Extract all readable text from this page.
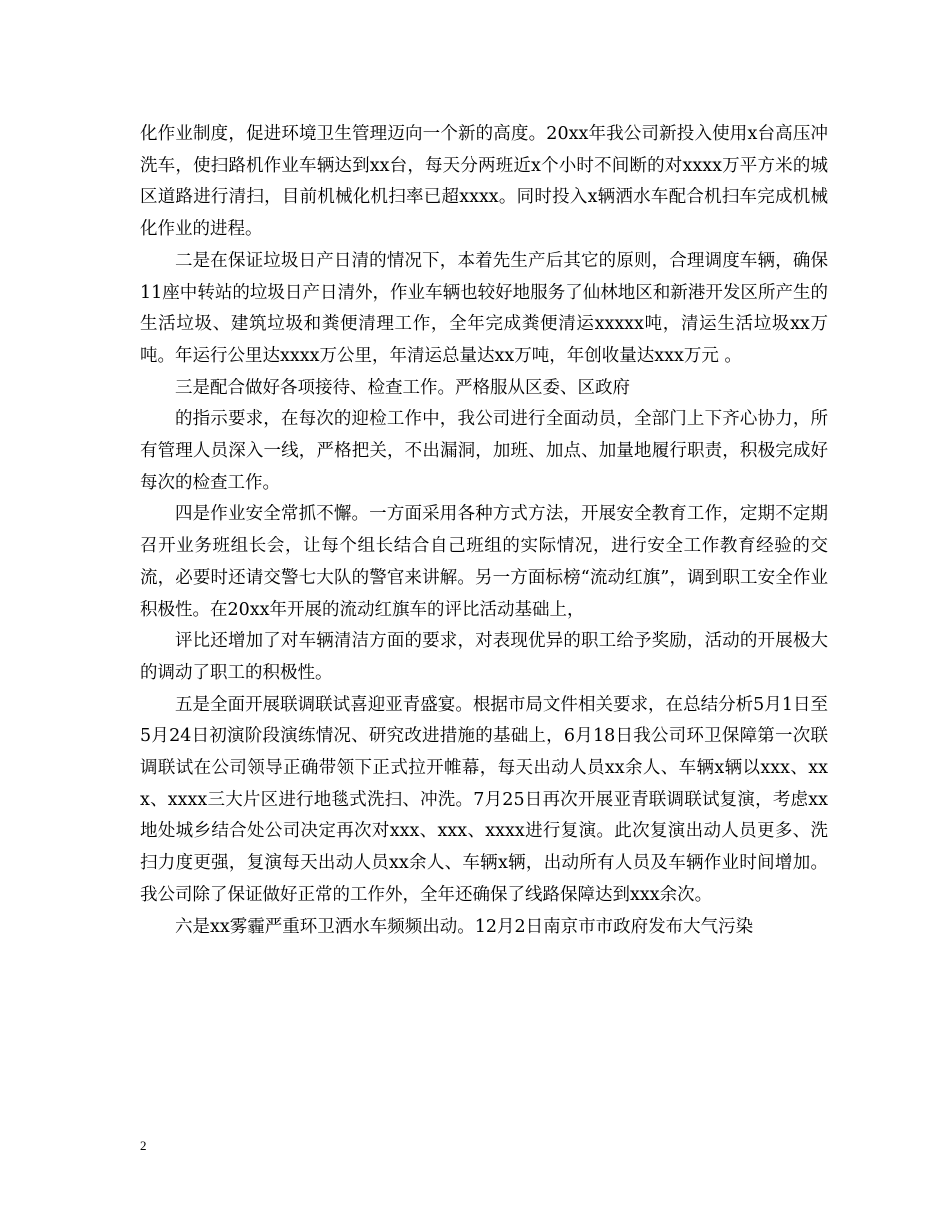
化作业制度，促进环境卫生管理迈向一个新的高度。20xx年我公司新投入使用x台高压冲洗车，使扫路机作业车辆达到xx台，每天分两班近x个小时不间断的对xxxx万平方米的城区道路进行清扫，目前机械化机扫率已超xxxx。同时投入x辆洒水车配合机扫车完成机械化作业的进程。

二是在保证垃圾日产日清的情况下，本着先生产后其它的原则，合理调度车辆，确保11座中转站的垃圾日产日清外，作业车辆也较好地服务了仙林地区和新港开发区所产生的生活垃圾、建筑垃圾和粪便清理工作，全年完成粪便清运xxxxx吨，清运生活垃圾xx万吨。年运行公里达xxxx万公里，年清运总量达xx万吨，年创收量达xxx万元 。

三是配合做好各项接待、检查工作。严格服从区委、区政府

的指示要求，在每次的迎检工作中，我公司进行全面动员，全部门上下齐心协力，所有管理人员深入一线，严格把关，不出漏洞，加班、加点、加量地履行职责，积极完成好每次的检查工作。

四是作业安全常抓不懈。一方面采用各种方式方法，开展安全教育工作，定期不定期召开业务班组长会，让每个组长结合自己班组的实际情况，进行安全工作教育经验的交流，必要时还请交警七大队的警官来讲解。另一方面标榜“流动红旗”，调到职工安全作业积极性。在20xx年开展的流动红旗车的评比活动基础上，

评比还增加了对车辆清洁方面的要求，对表现优异的职工给予奖励，活动的开展极大的调动了职工的积极性。

五是全面开展联调联试喜迎亚青盛宴。根据市局文件相关要求，在总结分析5月1日至5月24日初演阶段演练情况、研究改进措施的基础上，6月18日我公司环卫保障第一次联调联试在公司领导正确带领下正式拉开帷幕，每天出动人员xx余人、车辆x辆以xxx、xxx、xxxx三大片区进行地毯式洗扫、冲洗。7月25日再次开展亚青联调联试复演，考虑xx地处城乡结合处公司决定再次对xxx、xxx、xxxx进行复演。此次复演出动人员更多、洗扫力度更强，复演每天出动人员xx余人、车辆x辆，出动所有人员及车辆作业时间增加。我公司除了保证做好正常的工作外，全年还确保了线路保障达到xxx余次。

六是xx雾霾严重环卫洒水车频频出动。12月2日南京市市政府发布大气污染

2
